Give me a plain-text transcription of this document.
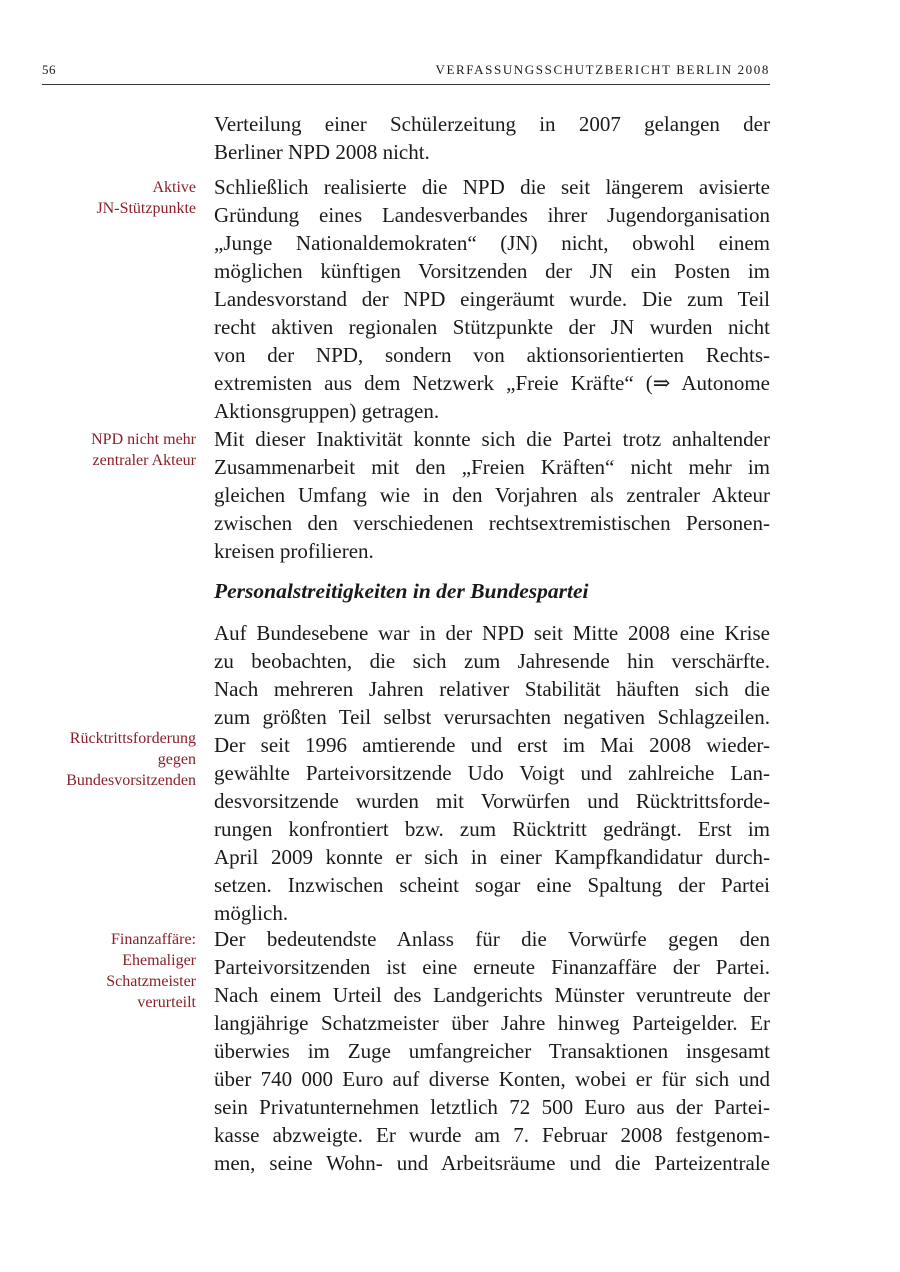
56	VERFASSUNGSSCHUTZBERICHT BERLIN 2008
Verteilung einer Schülerzeitung in 2007 gelangen der
Berliner NPD 2008 nicht.
Schließlich realisierte die NPD die seit längerem avisierte
Gründung eines Landesverbandes ihrer Jugendorganisation
„Junge Nationaldemokraten“ (JN) nicht, obwohl einem
möglichen künftigen Vorsitzenden der JN ein Posten im
Landesvorstand der NPD eingeräumt wurde. Die zum Teil
recht aktiven regionalen Stützpunkte der JN wurden nicht
von der NPD, sondern von aktionsorientierten Rechts-
extremisten aus dem Netzwerk „Freie Kräfte“ (⇒ Autonome
Aktionsgruppen) getragen.
Mit dieser Inaktivität konnte sich die Partei trotz anhaltender
Zusammenarbeit mit den „Freien Kräften“ nicht mehr im
gleichen Umfang wie in den Vorjahren als zentraler Akteur
zwischen den verschiedenen rechtsextremistischen Personen-
kreisen profilieren.
Personalstreitigkeiten in der Bundespartei
Auf Bundesebene war in der NPD seit Mitte 2008 eine Krise
zu beobachten, die sich zum Jahresende hin verschärfte.
Nach mehreren Jahren relativer Stabilität häuften sich die
zum größten Teil selbst verursachten negativen Schlagzeilen.
Der seit 1996 amtierende und erst im Mai 2008 wieder-
gewählte Parteivorsitzende Udo Voigt und zahlreiche Lan-
desvorsitzende wurden mit Vorwürfen und Rücktrittsforde-
rungen konfrontiert bzw. zum Rücktritt gedrängt. Erst im
April 2009 konnte er sich in einer Kampfkandidatur durch-
setzen. Inzwischen scheint sogar eine Spaltung der Partei
möglich.
Der bedeutendste Anlass für die Vorwürfe gegen den
Parteivorsitzenden ist eine erneute Finanzaffäre der Partei.
Nach einem Urteil des Landgerichts Münster veruntreute der
langjährige Schatzmeister über Jahre hinweg Parteigelder. Er
überwies im Zuge umfangreicher Transaktionen insgesamt
über 740 000 Euro auf diverse Konten, wobei er für sich und
sein Privatunternehmen letztlich 72 500 Euro aus der Partei-
kasse abzweigte. Er wurde am 7. Februar 2008 festgenom-
men, seine Wohn- und Arbeitsräume und die Parteizentrale
Aktive
JN-Stützpunkte
NPD nicht mehr
zentraler Akteur
Rücktrittsforderung
gegen
Bundesvorsitzenden
Finanzaffäre:
Ehemaliger
Schatzmeister
verurteilt
